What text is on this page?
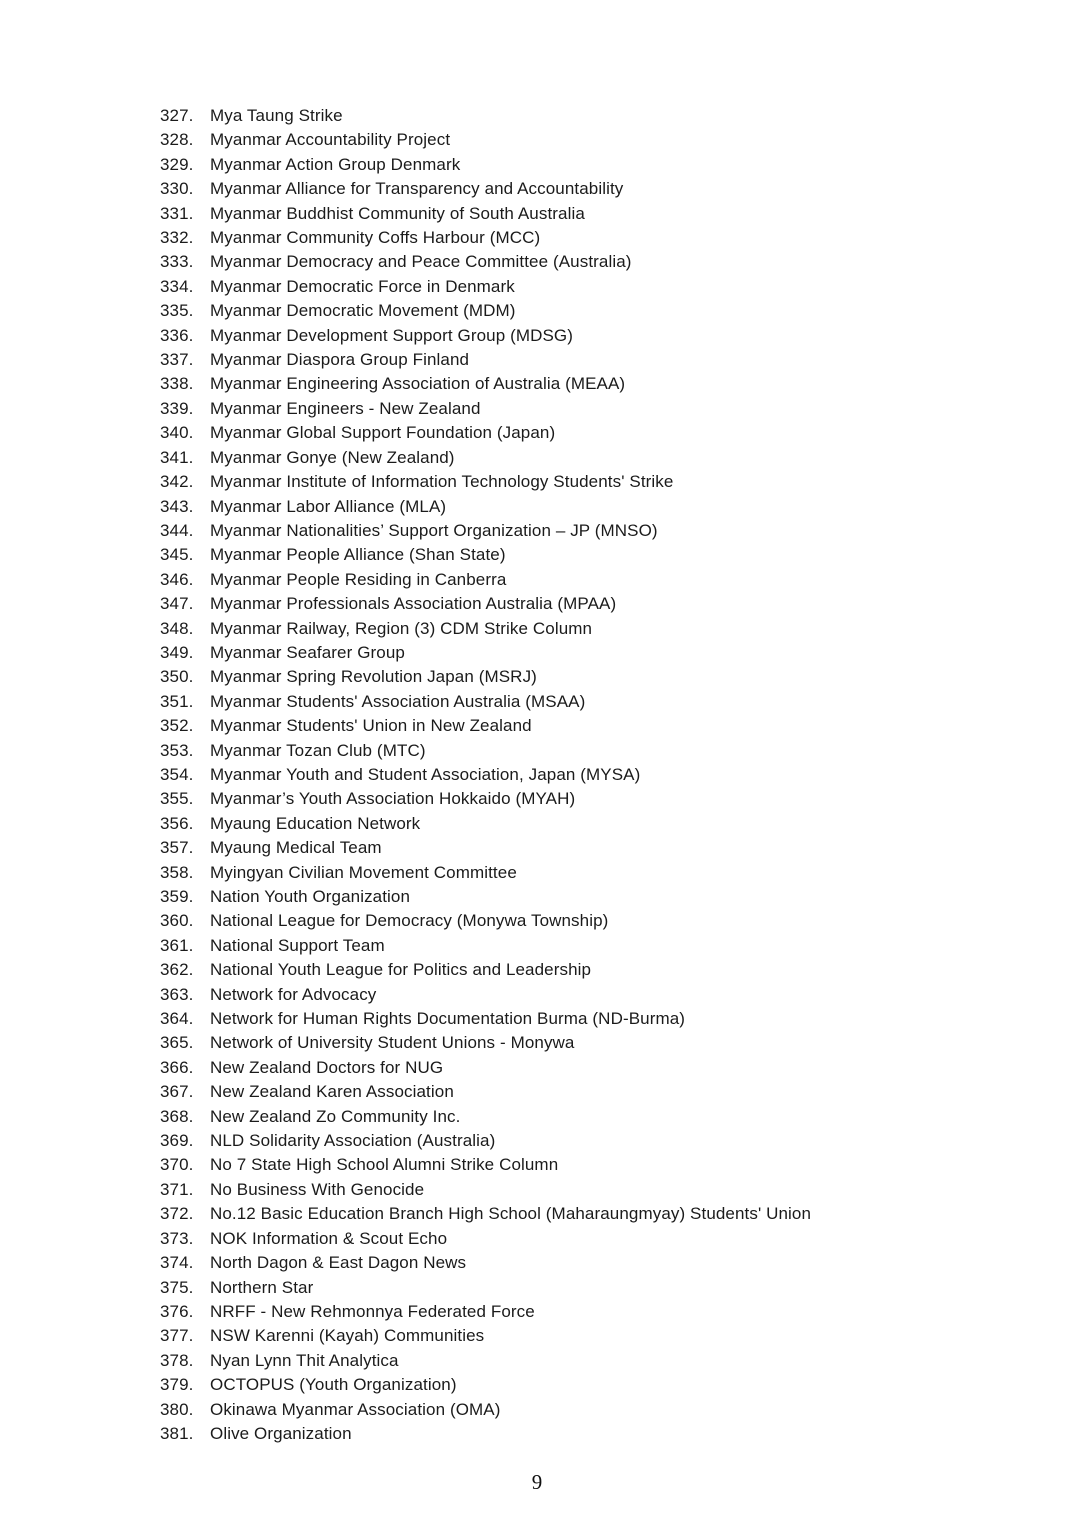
327. Mya Taung Strike
328. Myanmar Accountability Project
329. Myanmar Action Group Denmark
330. Myanmar Alliance for Transparency and Accountability
331. Myanmar Buddhist Community of South Australia
332. Myanmar Community Coffs Harbour (MCC)
333. Myanmar Democracy and Peace Committee (Australia)
334. Myanmar Democratic Force in Denmark
335. Myanmar Democratic Movement (MDM)
336. Myanmar Development Support Group (MDSG)
337. Myanmar Diaspora Group Finland
338. Myanmar Engineering Association of Australia (MEAA)
339. Myanmar Engineers - New Zealand
340. Myanmar Global Support Foundation (Japan)
341. Myanmar Gonye (New Zealand)
342. Myanmar Institute of Information Technology Students' Strike
343. Myanmar Labor Alliance (MLA)
344. Myanmar Nationalities’ Support Organization – JP (MNSO)
345. Myanmar People Alliance (Shan State)
346. Myanmar People Residing in Canberra
347. Myanmar Professionals Association Australia (MPAA)
348. Myanmar Railway, Region (3) CDM Strike Column
349. Myanmar Seafarer Group
350. Myanmar Spring Revolution Japan (MSRJ)
351. Myanmar Students' Association Australia (MSAA)
352. Myanmar Students' Union in New Zealand
353. Myanmar Tozan Club (MTC)
354. Myanmar Youth and Student Association, Japan (MYSA)
355. Myanmar’s Youth Association Hokkaido (MYAH)
356. Myaung Education Network
357. Myaung Medical Team
358. Myingyan Civilian Movement Committee
359. Nation Youth Organization
360. National League for Democracy (Monywa Township)
361. National Support Team
362. National Youth League for Politics and Leadership
363. Network for Advocacy
364. Network for Human Rights Documentation Burma (ND-Burma)
365. Network of University Student Unions - Monywa
366. New Zealand Doctors for NUG
367. New Zealand Karen Association
368. New Zealand Zo Community Inc.
369. NLD Solidarity Association (Australia)
370. No 7 State High School Alumni Strike Column
371. No Business With Genocide
372. No.12 Basic Education Branch High School (Maharaungmyay) Students' Union
373. NOK Information & Scout Echo
374. North Dagon & East Dagon News
375. Northern Star
376. NRFF - New Rehmonnya Federated Force
377. NSW Karenni (Kayah) Communities
378. Nyan Lynn Thit Analytica
379. OCTOPUS (Youth Organization)
380. Okinawa Myanmar Association (OMA)
381. Olive Organization
9
